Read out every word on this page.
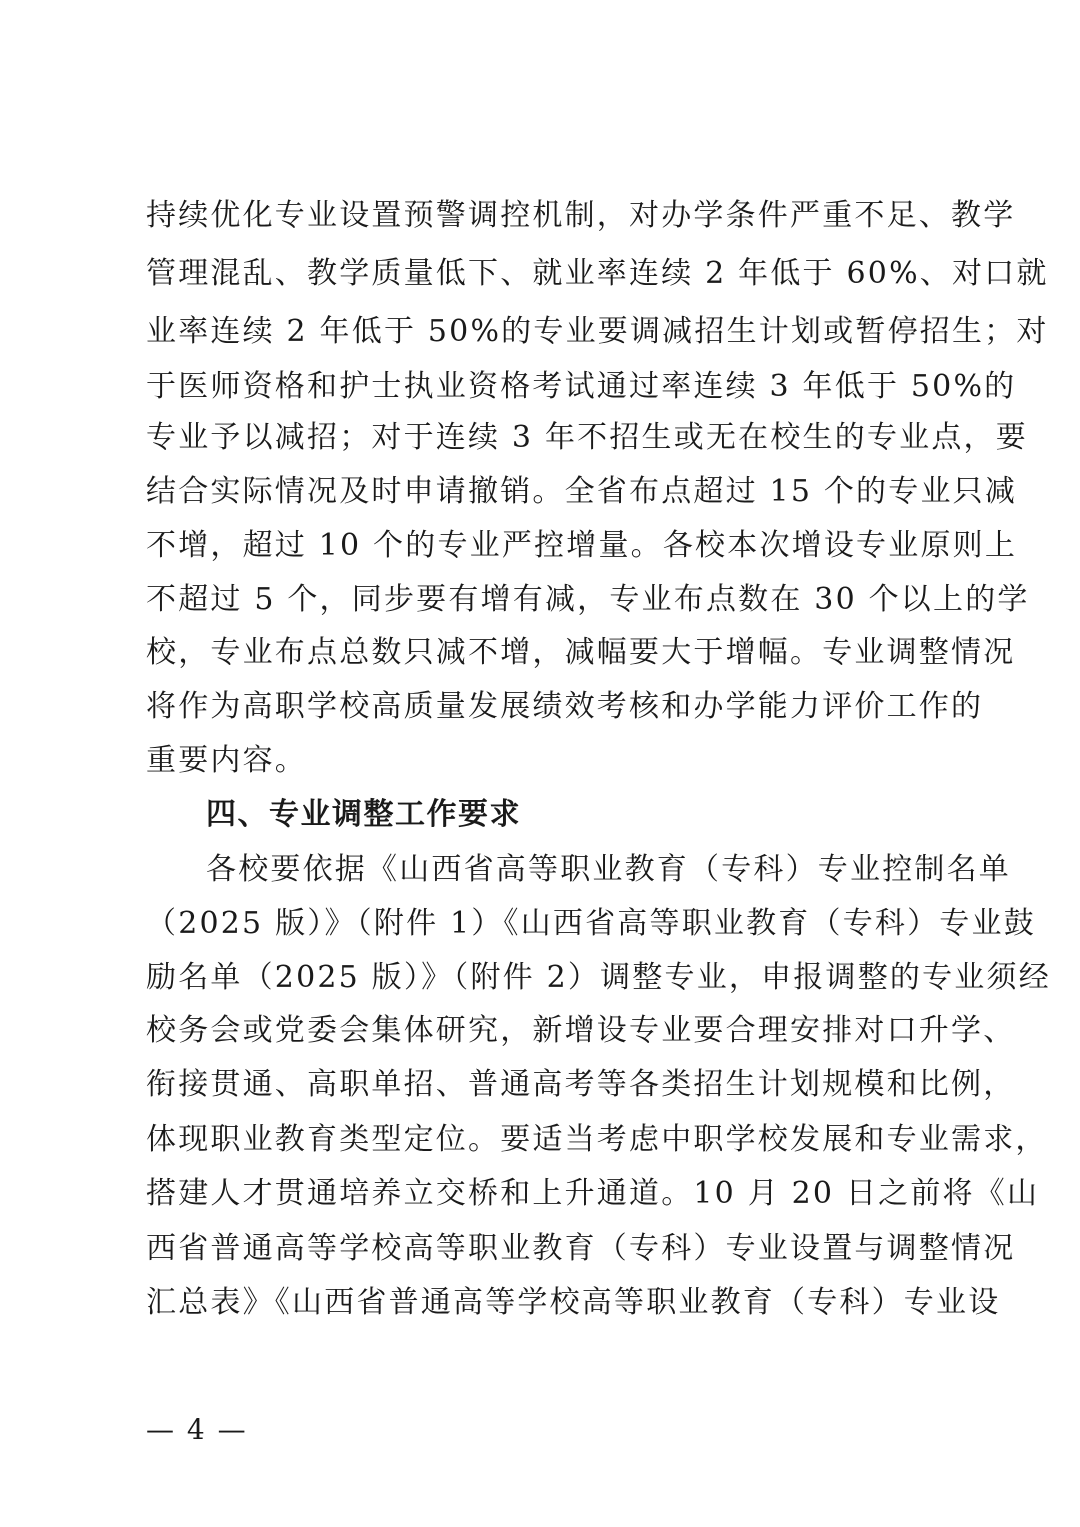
持续优化专业设置预警调控机制，对办学条件严重不足、教学
管理混乱、教学质量低下、就业率连续 2 年低于 60%、对口就
业率连续 2 年低于 50%的专业要调减招生计划或暂停招生；对
于医师资格和护士执业资格考试通过率连续 3 年低于 50%的
专业予以减招；对于连续 3 年不招生或无在校生的专业点，要
结合实际情况及时申请撤销。全省布点超过 15 个的专业只减
不增，超过 10 个的专业严控增量。各校本次增设专业原则上
不超过 5 个，同步要有增有减，专业布点数在 30 个以上的学
校，专业布点总数只减不增，减幅要大于增幅。专业调整情况
将作为高职学校高质量发展绩效考核和办学能力评价工作的
重要内容。
四、专业调整工作要求
各校要依据《山西省高等职业教育（专科）专业控制名单
（2025 版）》（附件 1）《山西省高等职业教育（专科）专业鼓
励名单（2025 版）》（附件 2）调整专业，申报调整的专业须经
校务会或党委会集体研究，新增设专业要合理安排对口升学、
衔接贯通、高职单招、普通高考等各类招生计划规模和比例，
体现职业教育类型定位。要适当考虑中职学校发展和专业需求，
搭建人才贯通培养立交桥和上升通道。10 月 20 日之前将《山
西省普通高等学校高等职业教育（专科）专业设置与调整情况
汇总表》《山西省普通高等学校高等职业教育（专科）专业设
— 4 —
